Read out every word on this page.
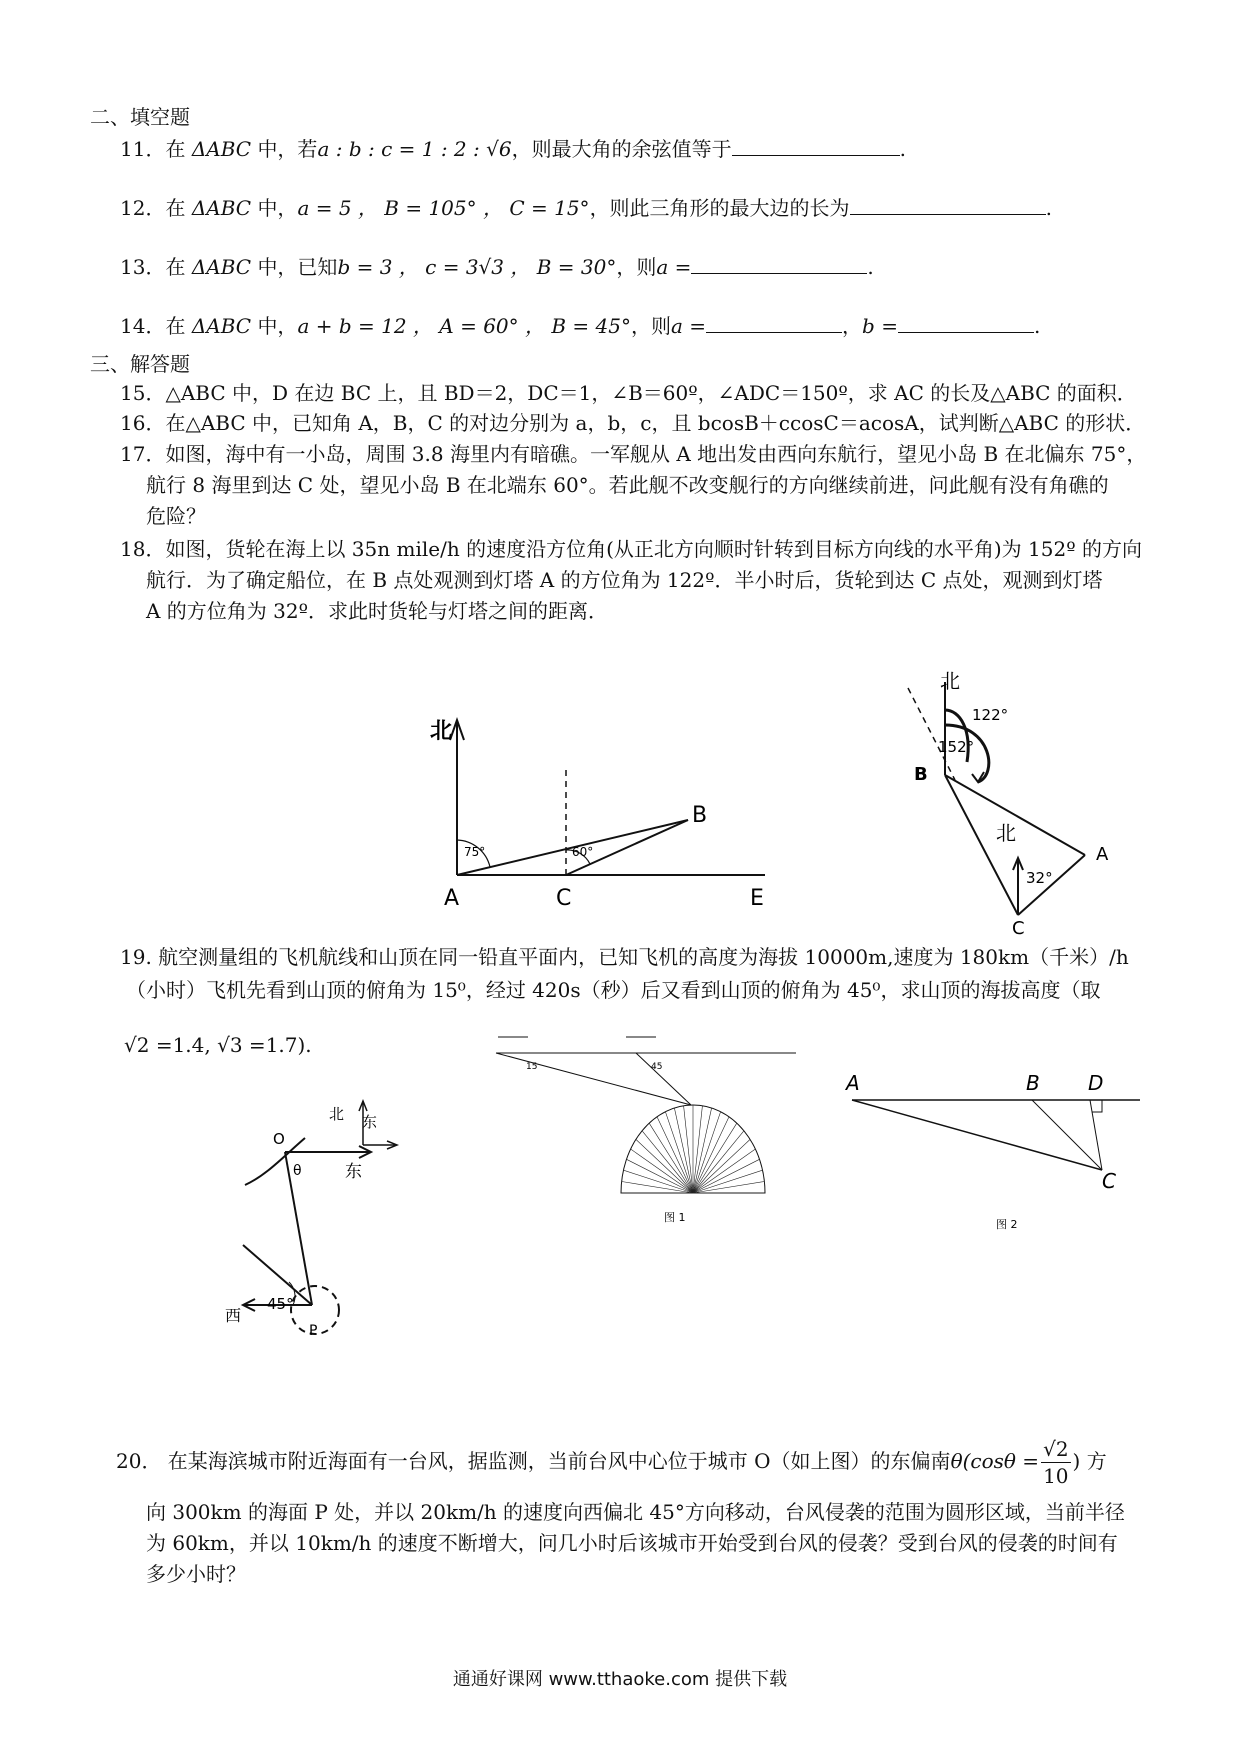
二、填空题
11．在 ΔABC 中，若a : b : c = 1 : 2 : √6，则最大角的余弦值等于	.
12．在 ΔABC 中，a = 5 ， B = 105° ， C = 15°，则此三角形的最大边的长为	.
13．在 ΔABC 中，已知b = 3 ， c = 3√3 ， B = 30°，则a =	.
14．在 ΔABC 中，a + b = 12 ， A = 60° ， B = 45°，则a =	，b =	.
三、解答题
15．△ABC 中，D 在边 BC 上，且 BD＝2，DC＝1，∠B＝60º，∠ADC＝150º，求 AC 的长及△ABC 的面积．
16．在△ABC 中，已知角 A，B，C 的对边分别为 a，b，c，且 bcosB＋ccosC＝acosA，试判断△ABC 的形状．
17．如图，海中有一小岛，周围 3.8 海里内有暗礁。一军舰从 A 地出发由西向东航行，望见小岛 B 在北偏东 75°，
航行 8 海里到达 C 处，望见小岛 B 在北端东 60°。若此舰不改变舰行的方向继续前进，问此舰有没有角礁的
危险？
18．如图，货轮在海上以 35n mile/h 的速度沿方位角(从正北方向顺时针转到目标方向线的水平角)为 152º 的方向
航行．为了确定船位，在 B 点处观测到灯塔 A 的方位角为 122º．半小时后，货轮到达 C 点处，观测到灯塔
A 的方位角为 32º．求此时货轮与灯塔之间的距离．
北
75°	60°
A	C	E
B
北
122°
152°
B
北
32°
A
C
19. 航空测量组的飞机航线和山顶在同一铅直平面内，已知飞机的高度为海拔 10000m,速度为 180km（千米）/h
（小时）飞机先看到山顶的俯角为 15⁰，经过 420s（秒）后又看到山顶的俯角为 45⁰，求山顶的海拔高度（取
√2 =1.4, √3 =1.7).
15	45
图 1
A	B D
C
图 2
北 东
O
θ	东
45°
西
P
20． 在某海滨城市附近海面有一台风，据监测，当前台风中心位于城市 O（如上图）的东偏南$\theta(\cos\theta = \frac{√2}{10}$ ) 方
向 300km 的海面 P 处，并以 20km/h 的速度向西偏北 45°方向移动，台风侵袭的范围为圆形区域，当前半径
为 60km，并以 10km/h 的速度不断增大，问几小时后该城市开始受到台风的侵袭？受到台风的侵袭的时间有
多少小时？
通通好课网 www.tthaoke.com 提供下载
